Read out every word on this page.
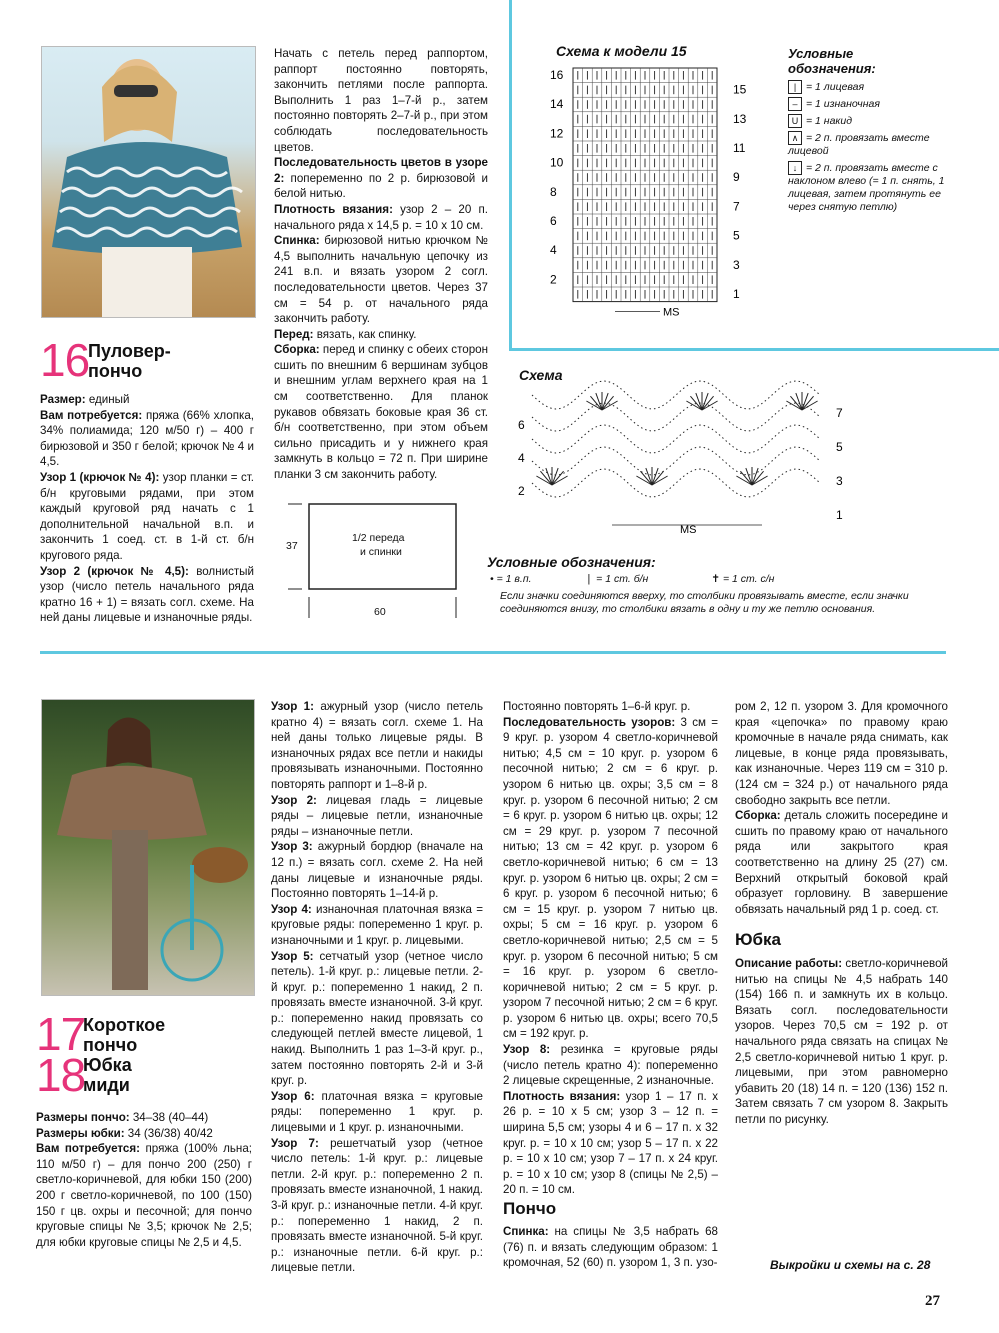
16
Пуловер-
пончо

Размер: единый

Вам потребуется: пряжа (66% хлопка, 34% полиамида; 120 м/50 г) – 400 г бирюзовой и 350 г белой; крючок № 4 и 4,5.

Узор 1 (крючок № 4): узор планки = ст. б/н круговыми рядами, при этом каждый круговой ряд начать с 1 дополнительной начальной в.п. и закончить 1 соед. ст. в 1-й ст. б/н кругового ряда.

Узор 2 (крючок № 4,5): волнистый узор (число петель начального ряда кратно 16 + 1) = вязать согл. схеме. На ней даны лицевые и изнаночные ряды.

Начать с петель перед раппортом, раппорт постоянно повторять, закончить петлями после раппорта. Выполнить 1 раз 1–7-й р., затем постоянно повторять 2–7-й р., при этом соблюдать последовательность цветов.

Последовательность цветов в узоре 2: попеременно по 2 р. бирюзовой и белой нитью.

Плотность вязания: узор 2 – 20 п. начального ряда х 14,5 р. = 10 х 10 см.

Спинка: бирюзовой нитью крючком № 4,5 выполнить начальную цепочку из 241 в.п. и вязать узором 2 согл. последовательности цветов. Через 37 см = 54 р. от начального ряда закончить работу.

Перед: вязать, как спинку.

Сборка: перед и спинку с обеих сторон сшить по внешним 6 вершинам зубцов и внешним углам верхнего края на 1 см соответственно. Для планок рукавов обвязать боковые края 36 ст. б/н соответственно, при этом объем сильно присадить и у нижнего края замкнуть в кольцо = 72 п. При ширине планки 3 см закончить работу.

1/2 переда
и спинки
37
60
Схема к модели 15
16
14
12
10
8
6
4
2
15
13
11
9
7
5
3
1
MS
Условные
обозначения:
| = 1 лицевая
– = 1 изнаночная
U = 1 накид
∧ = 2 п. провязать вместе лицевой
↓ = 2 п. провязать вместе с наклоном влево (= 1 п. снять, 1 лицевая, затем протянуть ее через снятую петлю)
Схема
6
4
2
7
5
3
1
MS
Условные обозначения:
• = 1 в.п.	❘ = 1 ст. б/н	✝ = 1 ст. с/н
Если значки соединяются вверху, то столбики провязывать вместе, если значки соединяются внизу, то столбики вязать в одну и ту же петлю основания.
17
Короткое
пончо
18
Юбка
миди

Размеры пончо: 34–38 (40–44)

Размеры юбки: 34 (36/38) 40/42

Вам потребуется: пряжа (100% льна; 110 м/50 г) – для пончо 200 (250) г светло-коричневой, для юбки 150 (200) 200 г светло-коричневой, по 100 (150) 150 г цв. охры и песочной; для пончо круговые спицы № 3,5; крючок № 2,5; для юбки круговые спицы № 2,5 и 4,5.

Узор 1: ажурный узор (число петель кратно 4) = вязать согл. схеме 1. На ней даны только лицевые ряды. В изнаночных рядах все петли и накиды провязывать изнаночными. Постоянно повторять раппорт и 1–8-й р.

Узор 2: лицевая гладь = лицевые ряды – лицевые петли, изнаночные ряды – изнаночные петли.

Узор 3: ажурный бордюр (вначале на 12 п.) = вязать согл. схеме 2. На ней даны лицевые и изнаночные ряды. Постоянно повторять 1–14-й р.

Узор 4: изнаночная платочная вязка = круговые ряды: попеременно 1 круг. р. изнаночными и 1 круг. р. лицевыми.

Узор 5: сетчатый узор (четное число петель). 1-й круг. р.: лицевые петли. 2-й круг. р.: попеременно 1 накид, 2 п. провязать вместе изнаночной. 3-й круг. р.: попеременно накид провязать со следующей петлей вместе лицевой, 1 накид. Выполнить 1 раз 1–3-й круг. р., затем постоянно повторять 2-й и 3-й круг. р.

Узор 6: платочная вязка = круговые ряды: попеременно 1 круг. р. лицевыми и 1 круг. р. изнаночными.

Узор 7: решетчатый узор (четное число петель: 1-й круг. р.: лицевые петли. 2-й круг. р.: попеременно 2 п. провязать вместе изнаночной, 1 накид. 3-й круг. р.: изнаночные петли. 4-й круг. р.: попеременно 1 накид, 2 п. провязать вместе изнаночной. 5-й круг. р.: изнаночные петли. 6-й круг. р.: лицевые петли.

Постоянно повторять 1–6-й круг. р.

Последовательность узоров: 3 см = 9 круг. р. узором 4 светло-коричневой нитью; 4,5 см = 10 круг. р. узором 6 песочной нитью; 2 см = 6 круг. р. узором 6 нитью цв. охры; 3,5 см = 8 круг. р. узором 6 песочной нитью; 2 см = 6 круг. р. узором 6 нитью цв. охры; 12 см = 29 круг. р. узором 7 песочной нитью; 13 см = 42 круг. р. узором 6 светло-коричневой нитью; 6 см = 13 круг. р. узором 6 нитью цв. охры; 2 см = 6 круг. р. узором 6 песочной нитью; 6 см = 15 круг. р. узором 7 нитью цв. охры; 5 см = 16 круг. р. узором 6 светло-коричневой нитью; 2,5 см = 5 круг. р. узором 6 песочной нитью; 5 см = 16 круг. р. узором 6 светло-коричневой нитью; 2 см = 5 круг. р. узором 7 песочной нитью; 2 см = 6 круг. р. узором 6 нитью цв. охры; всего 70,5 см = 192 круг. р.

Узор 8: резинка = круговые ряды (число петель кратно 4): попеременно 2 лицевые скрещенные, 2 изнаночные.

Плотность вязания: узор 1 – 17 п. х 26 р. = 10 х 5 см; узор 3 – 12 п. = ширина 5,5 см; узоры 4 и 6 – 17 п. х 32 круг. р. = 10 х 10 см; узор 5 – 17 п. х 22 р. = 10 х 10 см; узор 7 – 17 п. х 24 круг. р. = 10 х 10 см; узор 8 (спицы № 2,5) – 20 п. = 10 см.

Пончо

Спинка: на спицы № 3,5 набрать 68 (76) п. и вязать следующим образом: 1 кромочная, 52 (60) п. узором 1, 3 п. узо-

ром 2, 12 п. узором 3. Для кромочного края «цепочка» по правому краю кромочные в начале ряда снимать, как лицевые, в конце ряда провязывать, как изнаночные. Через 119 см = 310 р. (124 см = 324 р.) от начального ряда свободно закрыть все петли.

Сборка: деталь сложить посередине и сшить по правому краю от начального ряда или закрытого края соответственно на длину 25 (27) см. Верхний открытый боковой край образует горловину. В завершение обвязать начальный ряд 1 р. соед. ст.

Юбка

Описание работы: светло-коричневой нитью на спицы № 4,5 набрать 140 (154) 166 п. и замкнуть их в кольцо. Вязать согл. последовательности узоров. Через 70,5 см = 192 р. от начального ряда связать на спицах № 2,5 светло-коричневой нитью 1 круг. р. лицевыми, при этом равномерно убавить 20 (18) 14 п. = 120 (136) 152 п. Затем связать 7 см узором 8. Закрыть петли по рисунку.

Выкройки и схемы на с. 28
27
